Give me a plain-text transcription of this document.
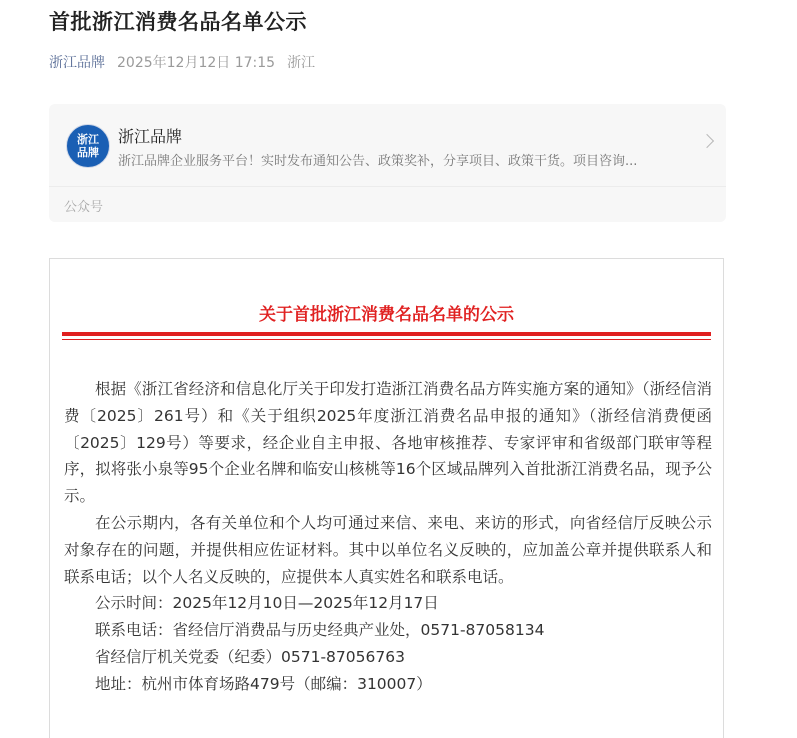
首批浙江消费名品名单公示
浙江品牌 2025年12月12日 17:15 浙江
浙江品牌
浙江品牌
浙江品牌企业服务平台！实时发布通知公告、政策奖补，分享项目、政策干货。项目咨询...
公众号
关于首批浙江消费名品名单的公示

根据《浙江省经济和信息化厅关于印发打造浙江消费名品方阵实施方案的通知》（浙经信消费〔2025〕261号）和《关于组织2025年度浙江消费名品申报的通知》（浙经信消费便函〔2025〕129号）等要求，经企业自主申报、各地审核推荐、专家评审和省级部门联审等程序，拟将张小泉等95个企业名牌和临安山核桃等16个区域品牌列入首批浙江消费名品，现予公示。

在公示期内，各有关单位和个人均可通过来信、来电、来访的形式，向省经信厅反映公示对象存在的问题，并提供相应佐证材料。其中以单位名义反映的，应加盖公章并提供联系人和联系电话；以个人名义反映的，应提供本人真实姓名和联系电话。

公示时间：2025年12月10日—2025年12月17日

联系电话：省经信厅消费品与历史经典产业处，0571-87058134

省经信厅机关党委（纪委）0571-87056763

地址：杭州市体育场路479号（邮编：310007）
